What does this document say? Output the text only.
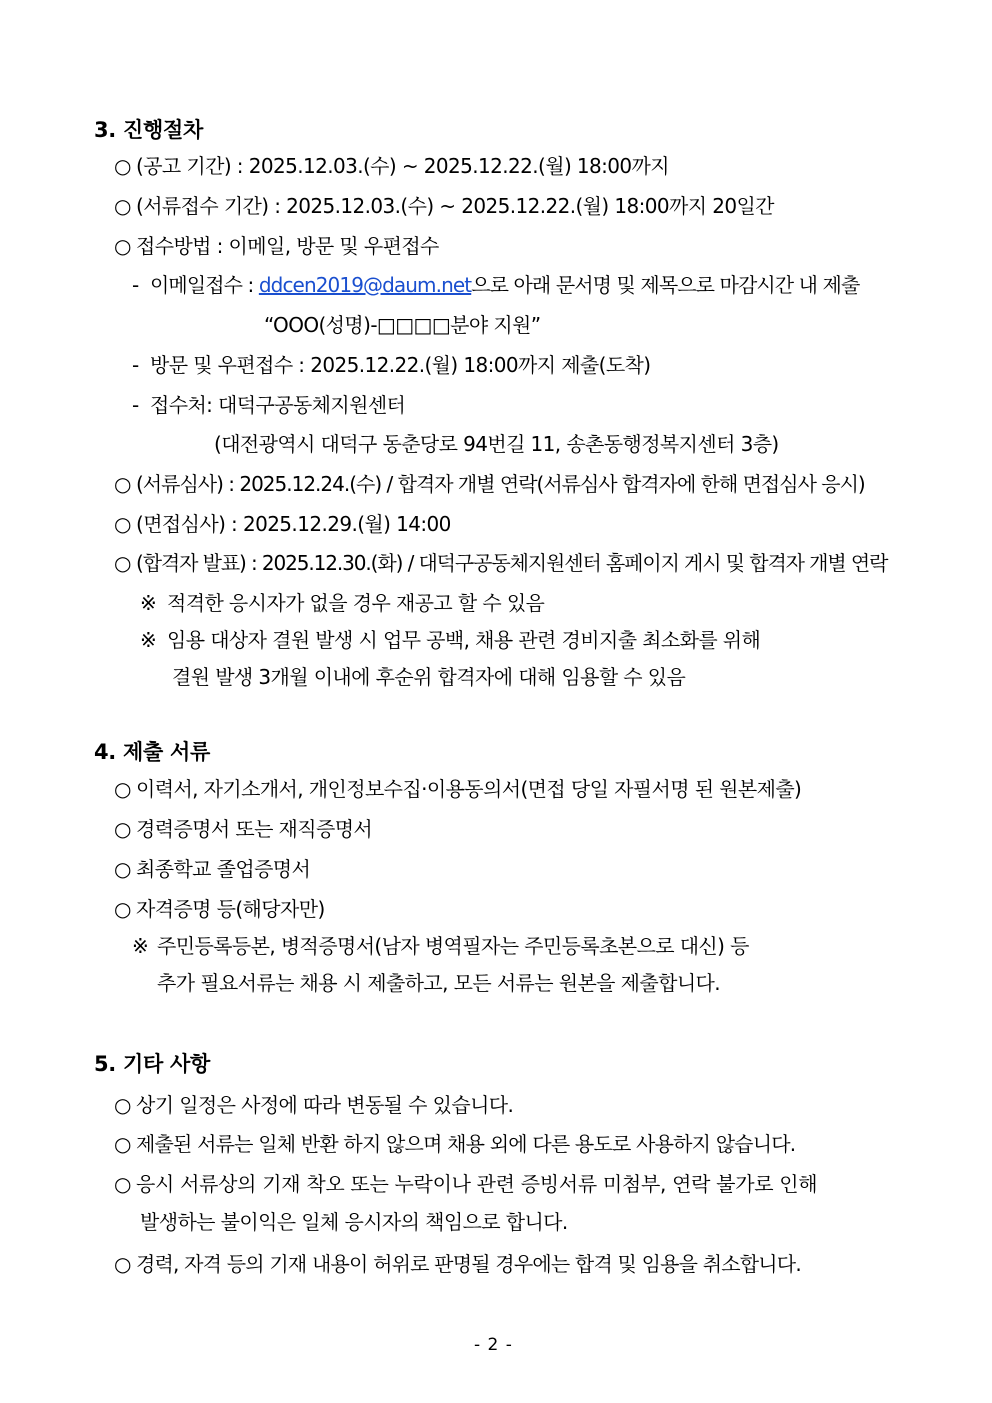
3. 진행절차
○ (공고 기간) : 2025.12.03.(수) ~ 2025.12.22.(월) 18:00까지
○ (서류접수 기간) : 2025.12.03.(수) ~ 2025.12.22.(월) 18:00까지 20일간
○ 접수방법 : 이메일, 방문 및 우편접수
- 이메일접수 : ddcen2019@daum.net으로 아래 문서명 및 제목으로 마감시간 내 제출
“OOO(성명)-□□□□분야 지원”
- 방문 및 우편접수 : 2025.12.22.(월) 18:00까지 제출(도착)
- 접수처: 대덕구공동체지원센터
(대전광역시 대덕구 동춘당로 94번길 11, 송촌동행정복지센터 3층)
○ (서류심사) : 2025.12.24.(수) / 합격자 개별 연락(서류심사 합격자에 한해 면접심사 응시)
○ (면접심사) : 2025.12.29.(월) 14:00
○ (합격자 발표) : 2025.12.30.(화) / 대덕구공동체지원센터 홈페이지 게시 및 합격자 개별 연락
※ 적격한 응시자가 없을 경우 재공고 할 수 있음
※ 임용 대상자 결원 발생 시 업무 공백, 채용 관련 경비지출 최소화를 위해
결원 발생 3개월 이내에 후순위 합격자에 대해 임용할 수 있음
4. 제출 서류
○ 이력서, 자기소개서, 개인정보수집·이용동의서(면접 당일 자필서명 된 원본제출)
○ 경력증명서 또는 재직증명서
○ 최종학교 졸업증명서
○ 자격증명 등(해당자만)
※ 주민등록등본, 병적증명서(남자 병역필자는 주민등록초본으로 대신) 등
추가 필요서류는 채용 시 제출하고, 모든 서류는 원본을 제출합니다.
5. 기타 사항
○ 상기 일정은 사정에 따라 변동될 수 있습니다.
○ 제출된 서류는 일체 반환 하지 않으며 채용 외에 다른 용도로 사용하지 않습니다.
○ 응시 서류상의 기재 착오 또는 누락이나 관련 증빙서류 미첨부, 연락 불가로 인해
발생하는 불이익은 일체 응시자의 책임으로 합니다.
○ 경력, 자격 등의 기재 내용이 허위로 판명될 경우에는 합격 및 임용을 취소합니다.
- 2 -
